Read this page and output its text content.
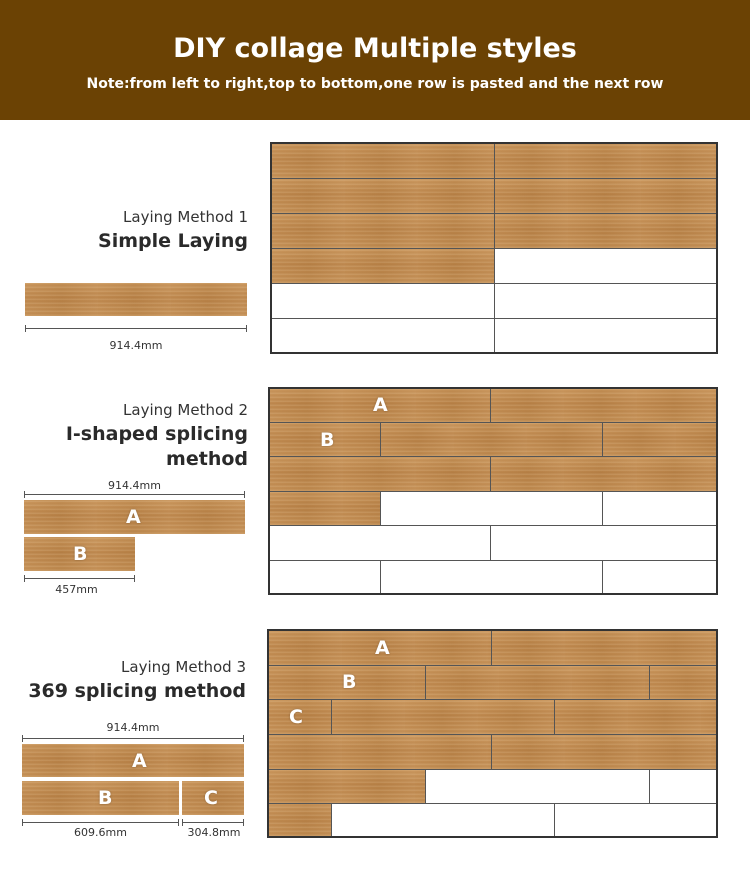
DIY collage Multiple styles
Note:from left to right,top to bottom,one row is pasted and the next row
Laying Method 1
Simple Laying
914.4mm
Laying Method 2
I-shaped splicing
method
914.4mm
A
B
457mm
A
B
Laying Method 3
369 splicing method
914.4mm
A
B	C
609.6mm	304.8mm
A
B
C
